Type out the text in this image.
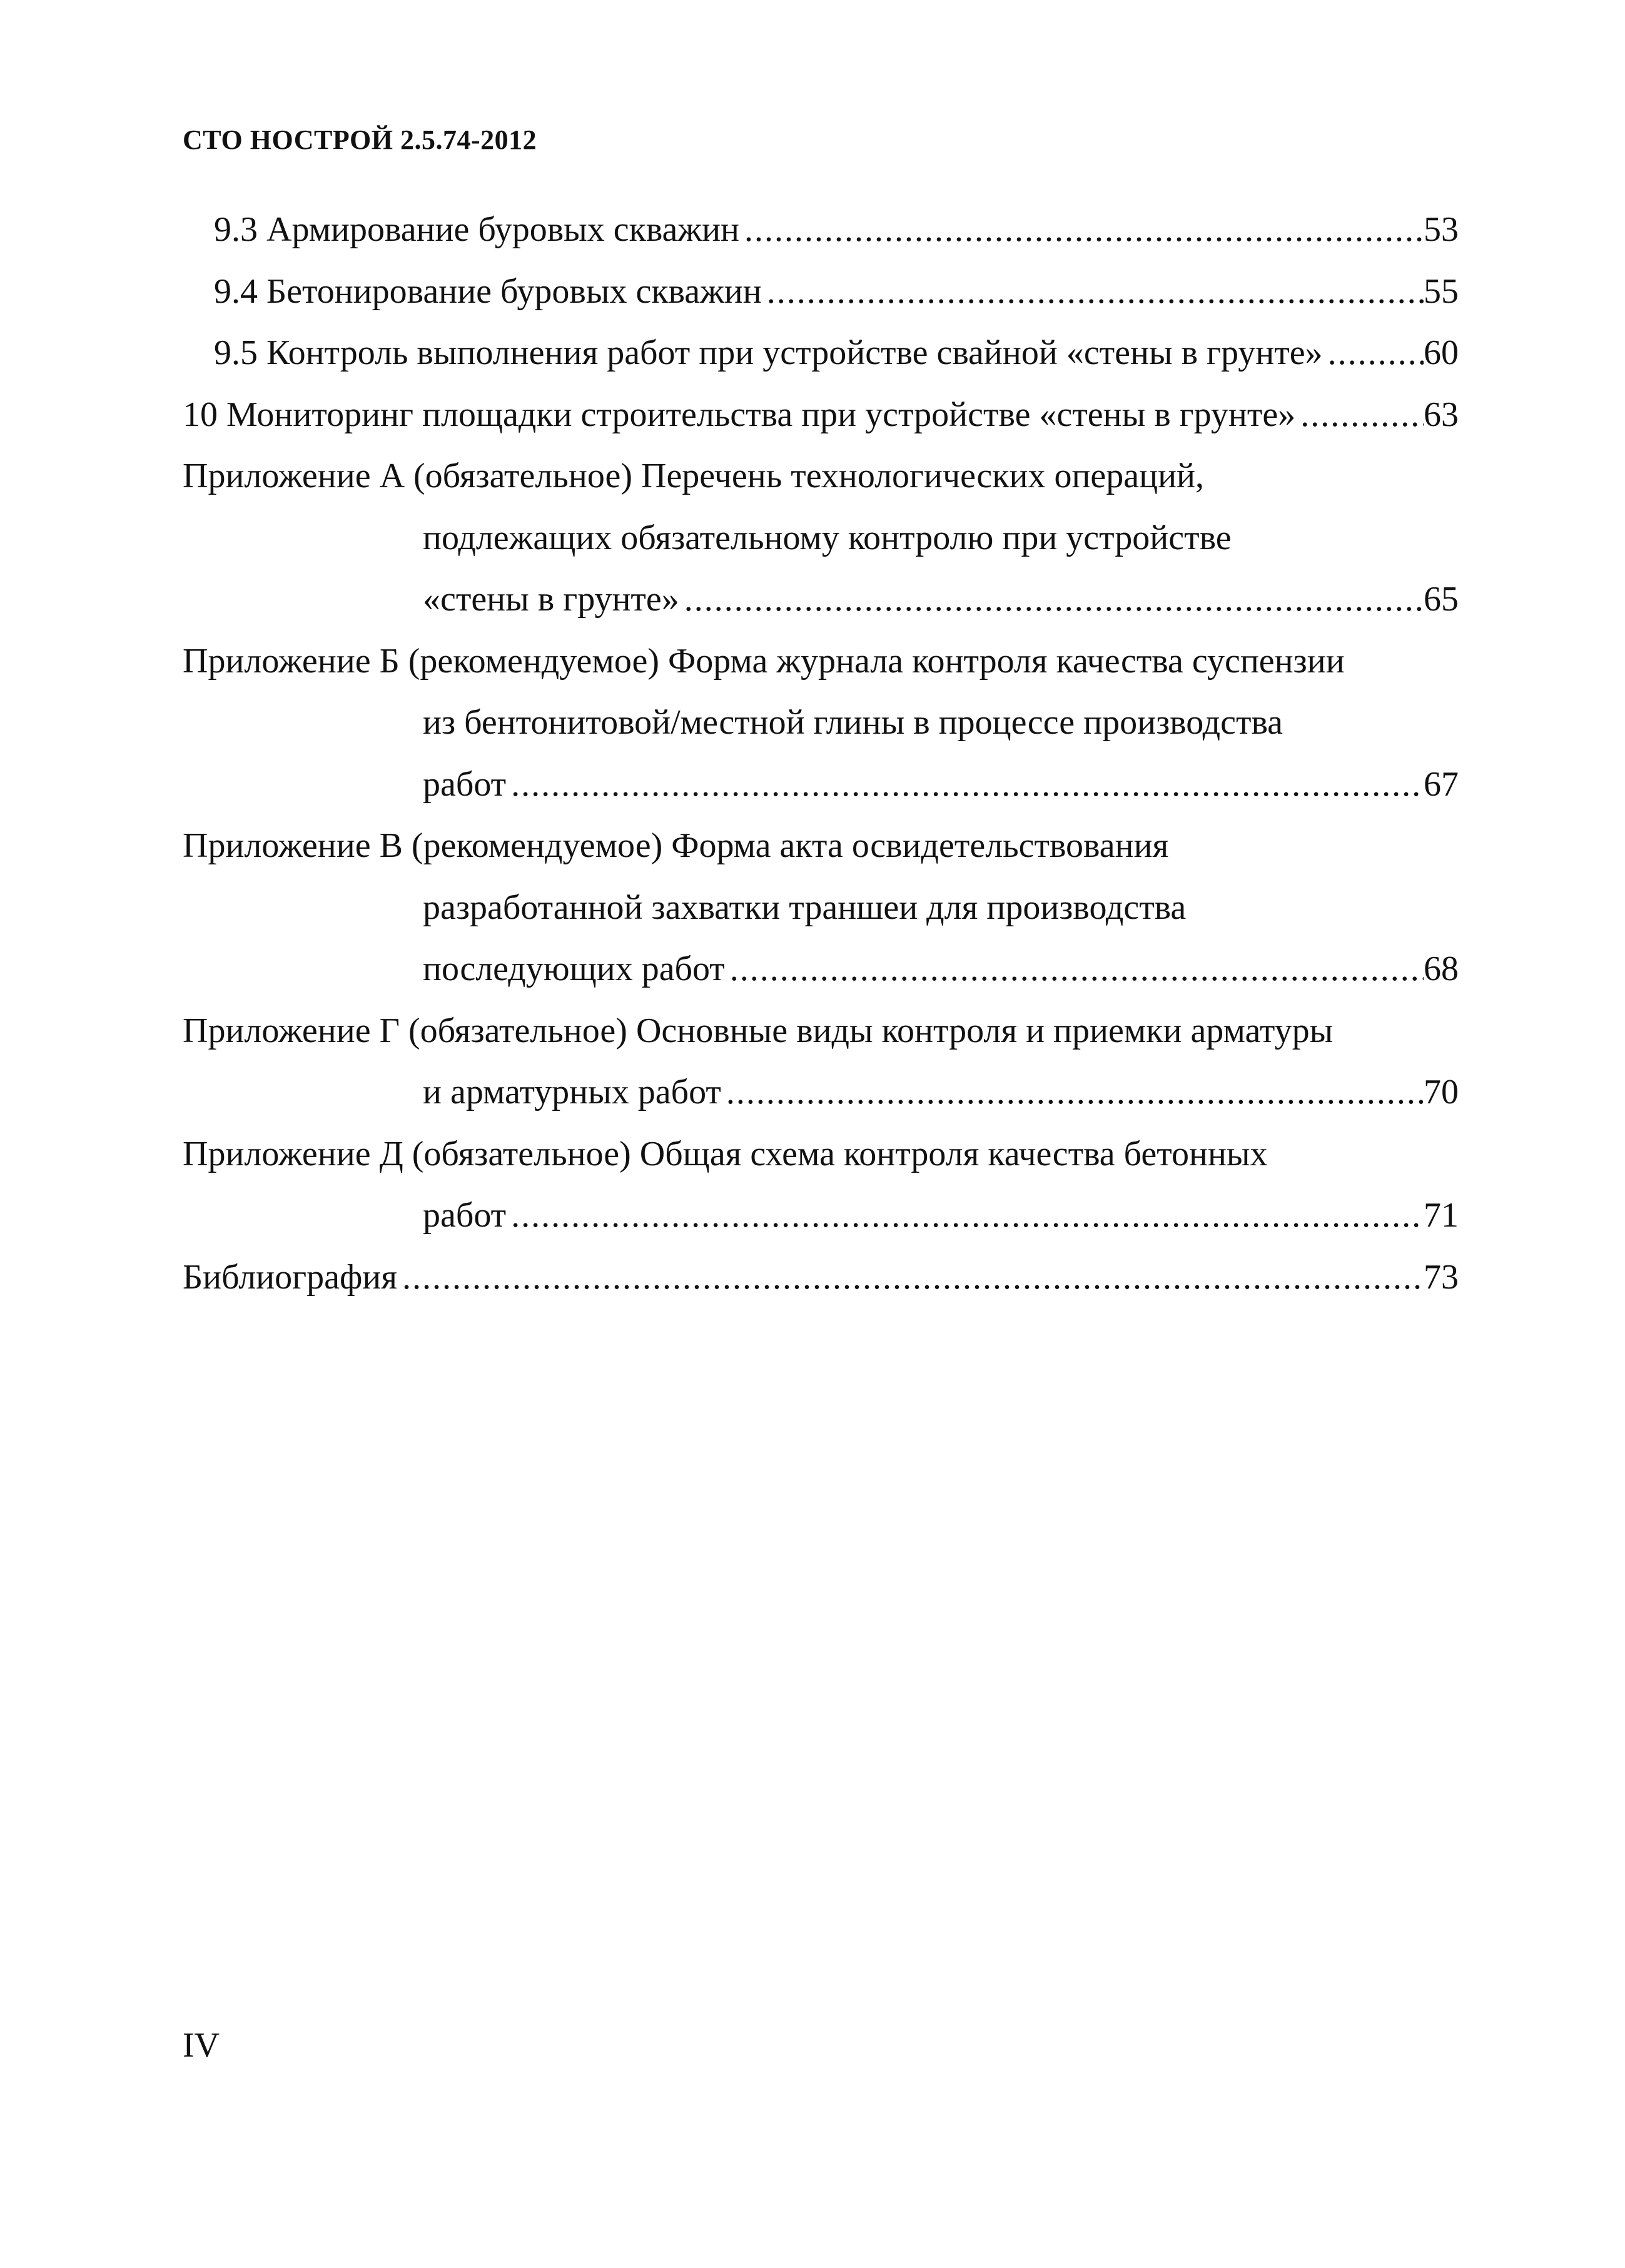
СТО НОСТРОЙ 2.5.74-2012
9.3 Армирование буровых скважин .....	53
9.4 Бетонирование буровых скважин .....	55
9.5 Контроль выполнения работ при устройстве свайной «стены в грунте» .....	60
10 Мониторинг площадки строительства при устройстве «стены в грунте» .....	63
Приложение А (обязательное) Перечень технологических операций,
подлежащих обязательному контролю при устройстве
«стены в грунте» .....	65
Приложение Б (рекомендуемое) Форма журнала контроля качества суспензии
из бентонитовой/местной глины в процессе производства
работ .....	67
Приложение В (рекомендуемое) Форма акта освидетельствования
разработанной захватки траншеи для производства
последующих работ .....	68
Приложение Г (обязательное) Основные виды контроля и приемки арматуры
и арматурных работ .....	70
Приложение Д (обязательное) Общая схема контроля качества бетонных
работ .....	71
Библиография .....	73
IV
